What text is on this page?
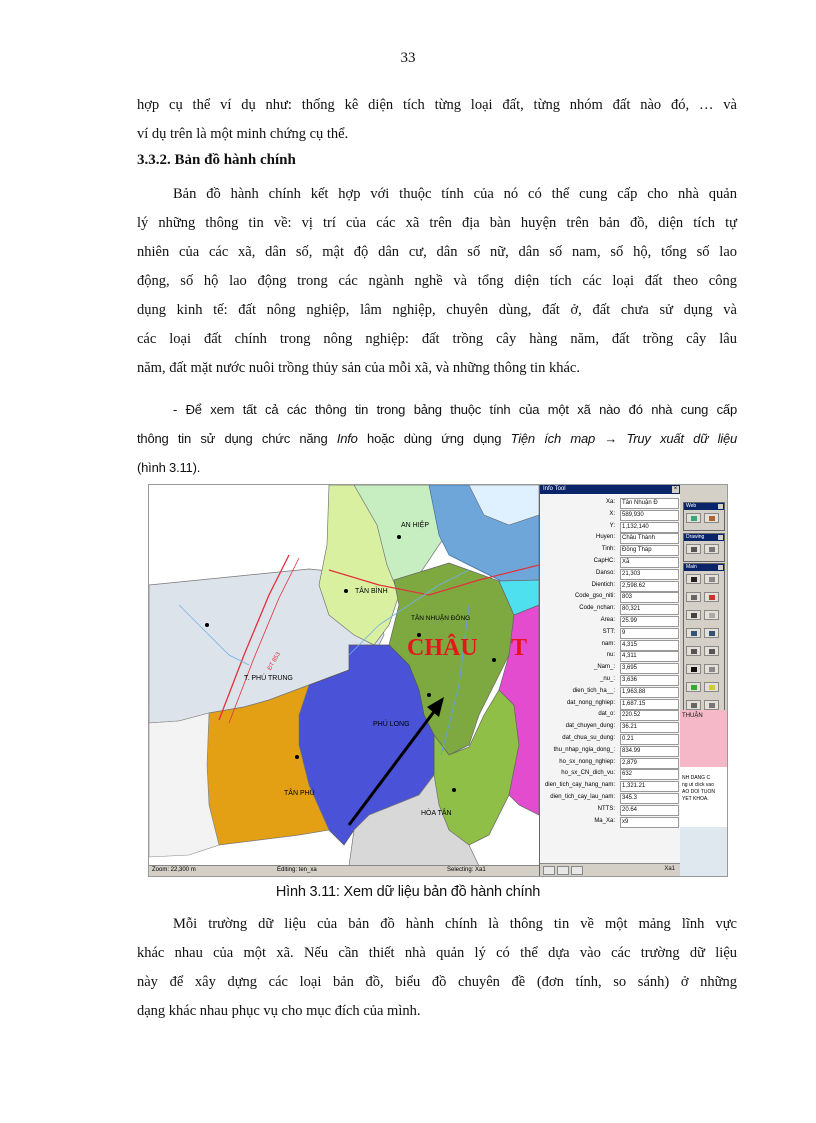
33
hợp cụ thể ví dụ như: thống kê diện tích từng loại đất, từng nhóm đất nào đó, … và
ví dụ trên là một minh chứng cụ thể.
3.3.2. Bản đồ hành chính
Bản đồ hành chính kết hợp với thuộc tính của nó có thể cung cấp cho nhà quản
lý những thông tin về: vị trí của các xã trên địa bàn huyện trên bản đồ, diện tích tự
nhiên của các xã, dân số, mật độ dân cư, dân số nữ, dân số nam, số hộ, tổng số lao
động, số hộ lao động trong các ngành nghề và tổng diện tích các loại đất theo công
dụng kinh tế: đất nông nghiệp, lâm nghiệp, chuyên dùng, đất ở, đất chưa sử dụng và
các loại đất chính trong nông nghiệp: đất trồng cây hàng năm, đất trồng cây lâu
năm, đất mặt nước nuôi trồng thủy sản của mỗi xã, và những thông tin khác.
- Để xem tất cả các thông tin trong bảng thuộc tính của một xã nào đó nhà cung cấp
thông tin sử dụng chức năng Info hoặc dùng ứng dụng Tiện ích map → Truy xuất dữ liệu
(hình 3.11).
AN HIỆP
TÂN BÌNH
TÂN NHUẬN ĐÔNG
CHÂU T
T. PHÚ TRUNG
PHÚ LONG
TÂN PHÚ
HÒA TÂN
ĐT 853
Zoom: 22,300 m	Editing: ten_xa	Selecting: Xa1
Info Tool	×
Xa:	Tân Nhuận Đ
X:	589,930
Y:	1,132,140
Huyen:	Châu Thành
Tinh:	Đồng Tháp
CapHC:	Xã
Danso:	21,303
Dientich:	2,598.62
Code_gso_niti:	803
Code_nchan:	80,321
Area:	25.99
STT:	9
nam:	4,315
nu:	4,311
_Nam_:	3,695
_nu_:	3,636
dien_tich_ha__:	1,963.88
dat_nong_nghiep:	1,687.15
dat_o:	220.52
dat_chuyen_dung:	36.21
dat_chua_su_dung:	0.21
thu_nhap_ngia_dong_:	834.99
ho_sx_nong_nghiep:	2,879
ho_sx_CN_dich_vu:	632
dien_tich_cay_hang_nam:	1,321.21
dien_tich_cay_lau_nam:	345.3
NTTS:	20.64
Ma_Xa:	x9
Xa1
Web
Drawing
Main

THUẬN
NH DANG C
ng ưi click vao
AO DOI TUON
YET KHOA.
Hình 3.11: Xem dữ liệu bản đồ hành chính
Mỗi trường dữ liệu của bản đồ hành chính là thông tin về một mảng lĩnh vực
khác nhau của một xã. Nếu cần thiết nhà quản lý có thể dựa vào các trường dữ liệu
này để xây dựng các loại bản đồ, biểu đồ chuyên đề (đơn tính, so sánh) ở những
dạng khác nhau phục vụ cho mục đích của mình.
